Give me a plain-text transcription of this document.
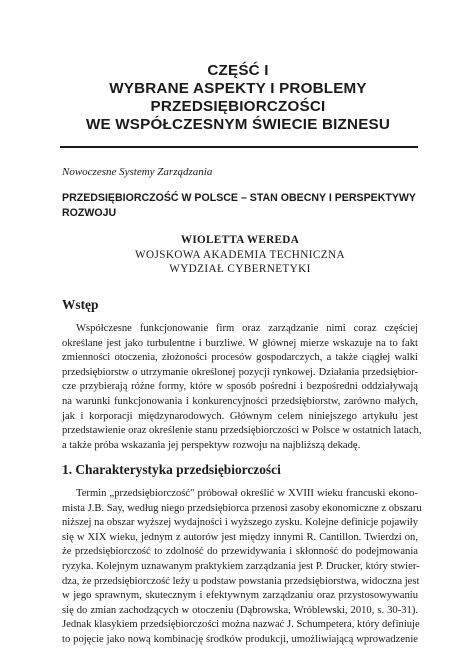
CZĘŚĆ I
WYBRANE ASPEKTY I PROBLEMY
PRZEDSIĘBIORCZOŚCI
WE WSPÓŁCZESNYM ŚWIECIE BIZNESU
Nowoczesne Systemy Zarządzania
PRZEDSIĘBIORCZOŚĆ W POLSCE – STAN OBECNY I PERSPEKTYWY
ROZWOJU
WIOLETTA WEREDA
WOJSKOWA AKADEMIA TECHNICZNA
WYDZIAŁ CYBERNETYKI
Wstęp
Współczesne funkcjonowanie firm oraz zarządzanie nimi coraz częściej
określane jest jako turbulentne i burzliwe. W głównej mierze wskazuje na to fakt
zmienności otoczenia, złożoności procesów gospodarczych, a także ciągłej walki
przedsiębiorstw o utrzymanie określonej pozycji rynkowej. Działania przedsiębior-
cze przybierają różne formy, które w sposób pośredni i bezpośredni oddziaływają
na warunki funkcjonowania i konkurencyjności przedsiębiorstw, zarówno małych,
jak i korporacji międzynarodowych. Głównym celem niniejszego artykułu jest
przedstawienie oraz określenie stanu przedsiębiorczości w Polsce w ostatnich latach,
a także próba wskazania jej perspektyw rozwoju na najbliższą dekadę.
1. Charakterystyka przedsiębiorczości
Termin „przedsiębiorczość" próbował określić w XVIII wieku francuski ekono-
mista J.B. Say, według niego przedsiębiorca przenosi zasoby ekonomiczne z obszaru
niższej na obszar wyższej wydajności i wyższego zysku. Kolejne definicje pojawiły
się w XIX wieku, jednym z autorów jest między innymi R. Cantillon. Twierdzi on,
że przedsiębiorczość to zdolność do przewidywania i skłonność do podejmowania
ryzyka. Kolejnym uznawanym praktykiem zarządzania jest P. Drucker, który stwier-
dza, że przedsiębiorczość leży u podstaw powstania przedsiębiorstwa, widoczna jest
w jego sprawnym, skutecznym i efektywnym zarządzaniu oraz przystosowywaniu
się do zmian zachodzących w otoczeniu (Dąbrowska, Wróblewski, 2010, s. 30-31).
Jednak klasykiem przedsiębiorczości można nazwać J. Schumpetera, który definiuje
to pojęcie jako nową kombinację środków produkcji, umożliwiającą wprowadzenie
